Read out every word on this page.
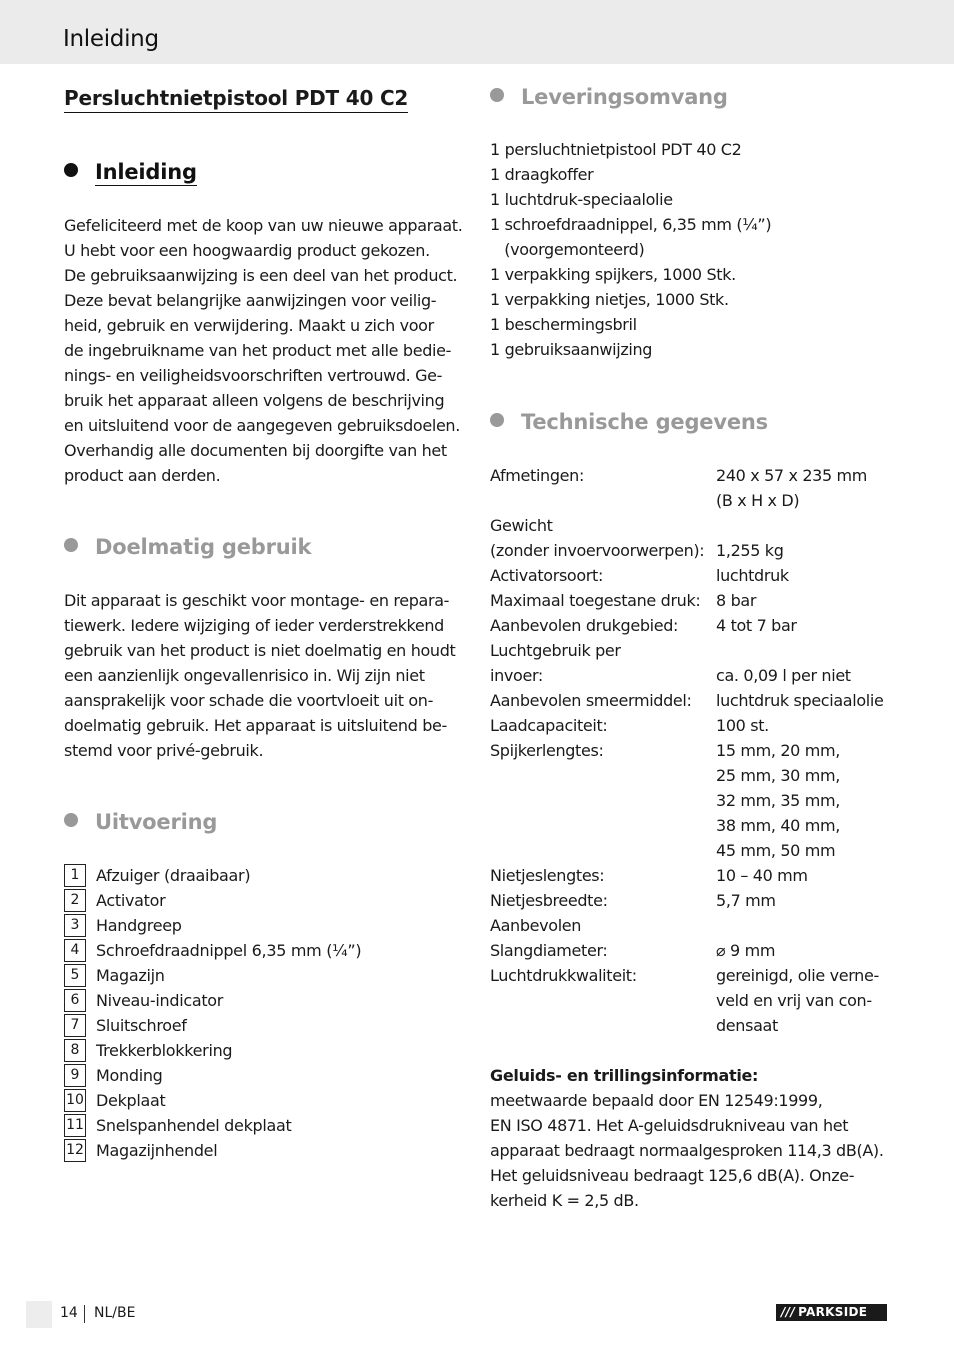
Inleiding
Persluchtnietpistool PDT 40 C2
Inleiding
Gefeliciteerd met de koop van uw nieuwe apparaat.
U hebt voor een hoogwaardig product gekozen.
De gebruiksaanwijzing is een deel van het product.
Deze bevat belangrijke aanwijzingen voor veilig-
heid, gebruik en verwijdering. Maakt u zich voor
de ingebruikname van het product met alle bedie-
nings- en veiligheidsvoorschriften vertrouwd. Ge-
bruik het apparaat alleen volgens de beschrijving
en uitsluitend voor de aangegeven gebruiksdoelen.
Overhandig alle documenten bij doorgifte van het
product aan derden.
Doelmatig gebruik
Dit apparaat is geschikt voor montage- en repara-
tiewerk. Iedere wijziging of ieder verderstrekkend
gebruik van het product is niet doelmatig en houdt
een aanzienlijk ongevallenrisico in. Wij zijn niet
aansprakelijk voor schade die voortvloeit uit on-
doelmatig gebruik. Het apparaat is uitsluitend be-
stemd voor privé-gebruik.
Uitvoering
1	Afzuiger (draaibaar)
2	Activator
3	Handgreep
4	Schroefdraadnippel 6,35 mm (¼”)
5	Magazijn
6	Niveau-indicator
7	Sluitschroef
8	Trekkerblokkering
9	Monding
10 Dekplaat
11 Snelspanhendel dekplaat
12 Magazijnhendel
Leveringsomvang
1 persluchtnietpistool PDT 40 C2
1 draagkoffer
1 luchtdruk-speciaalolie
1 schroefdraadnippel, 6,35 mm (¼”)
(voorgemonteerd)
1 verpakking spijkers, 1000 Stk.
1 verpakking nietjes, 1000 Stk.
1 beschermingsbril
1 gebruiksaanwijzing
Technische gegevens
Afmetingen:	240 x 57 x 235 mm
(B x H x D)
Gewicht

(zonder invoervoorwerpen): 1,255 kg
Activatorsoort:	luchtdruk
Maximaal toegestane druk: 8 bar
Aanbevolen drukgebied: 4 tot 7 bar
Luchtgebruik per

invoer:	ca. 0,09 l per niet
Aanbevolen smeermiddel: luchtdruk speciaalolie
Laadcapaciteit:	100 st.
Spijkerlengtes:	15 mm, 20 mm,
25 mm, 30 mm,
32 mm, 35 mm,
38 mm, 40 mm,
45 mm, 50 mm
Nietjeslengtes:	10 – 40 mm
Nietjesbreedte:	5,7 mm
Aanbevolen

Slangdiameter:	⌀ 9 mm
Luchtdrukkwaliteit:	gereinigd, olie verne-
veld en vrij van con-
densaat
Geluids- en trillingsinformatie:
meetwaarde bepaald door EN 12549:1999,
EN ISO 4871. Het A-geluidsdrukniveau van het
apparaat bedraagt normaalgesproken 114,3 dB(A).
Het geluidsniveau bedraagt 125,6 dB(A). Onze-
kerheid K = 2,5 dB.
14 NL/BE	/// PARKSIDE
